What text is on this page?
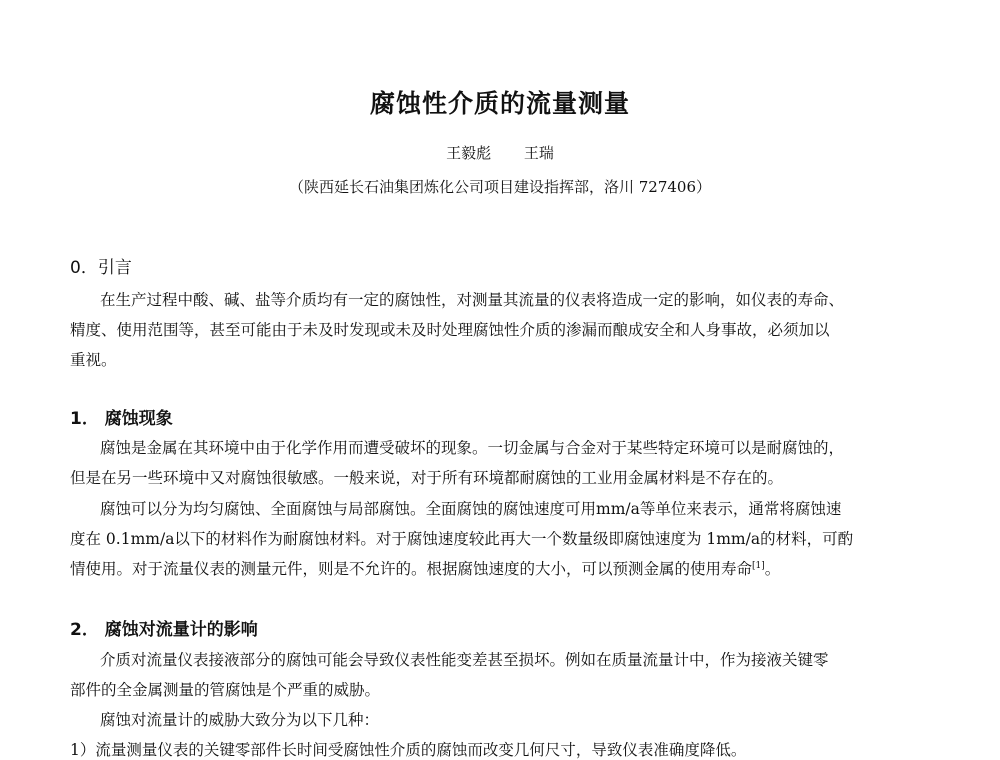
腐蚀性介质的流量测量
王毅彪 王瑞
（陕西延长石油集团炼化公司项目建设指挥部，洛川 727406）
0．引言
在生产过程中酸、碱、盐等介质均有一定的腐蚀性，对测量其流量的仪表将造成一定的影响，如仪表的寿命、
精度、使用范围等，甚至可能由于未及时发现或未及时处理腐蚀性介质的渗漏而酿成安全和人身事故，必须加以
重视。
1． 腐蚀现象
腐蚀是金属在其环境中由于化学作用而遭受破坏的现象。一切金属与合金对于某些特定环境可以是耐腐蚀的，
但是在另一些环境中又对腐蚀很敏感。一般来说，对于所有环境都耐腐蚀的工业用金属材料是不存在的。
腐蚀可以分为均匀腐蚀、全面腐蚀与局部腐蚀。全面腐蚀的腐蚀速度可用mm/a等单位来表示，通常将腐蚀速
度在 0.1mm/a以下的材料作为耐腐蚀材料。对于腐蚀速度较此再大一个数量级即腐蚀速度为 1mm/a的材料，可酌
情使用。对于流量仪表的测量元件，则是不允许的。根据腐蚀速度的大小，可以预测金属的使用寿命[1]。
2． 腐蚀对流量计的影响
介质对流量仪表接液部分的腐蚀可能会导致仪表性能变差甚至损坏。例如在质量流量计中，作为接液关键零
部件的全金属测量的管腐蚀是个严重的威胁。
腐蚀对流量计的威胁大致分为以下几种：
1）流量测量仪表的关键零部件长时间受腐蚀性介质的腐蚀而改变几何尺寸，导致仪表准确度降低。
